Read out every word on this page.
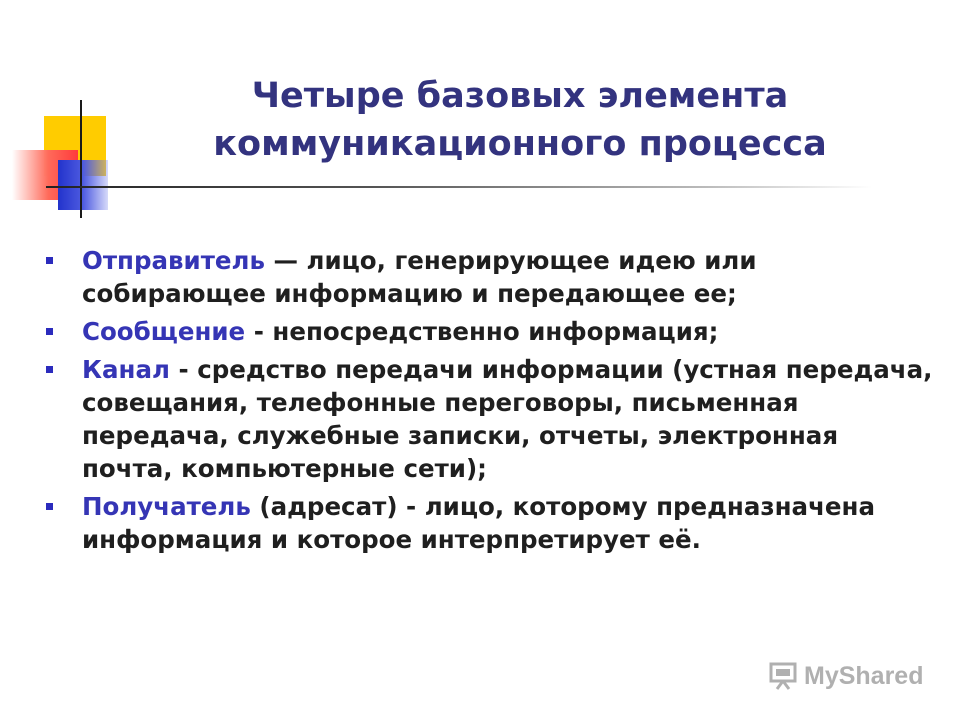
Четыре базовых элемента
коммуникационного процесса
Отправитель — лицо, генерирующее идею или собирающее информацию и передающее ее;
Сообщение - непосредственно информация;
Канал - средство передачи информации (устная передача, совещания, телефонные переговоры, письменная передача, служебные записки, отчеты, электронная почта, компьютерные сети);
Получатель (адресат) - лицо, которому предназначена информация и которое интерпретирует её.
MyShared
